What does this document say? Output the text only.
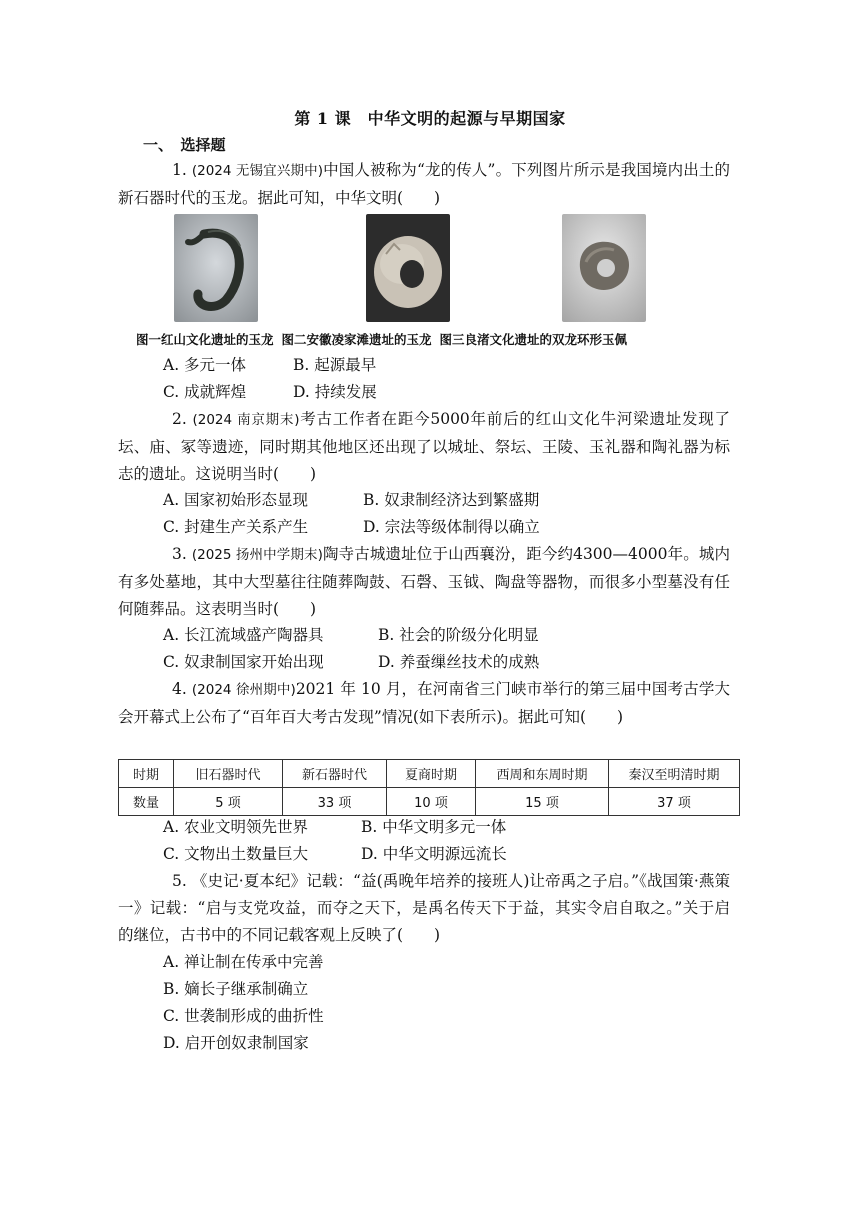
第 1 课　中华文明的起源与早期国家
一、　选择题
1. (2024 无锡宜兴期中)中国人被称为“龙的传人”。下列图片所示是我国境内出土的新石器时代的玉龙。据此可知，中华文明(　　)
图一红山文化遗址的玉龙 图二安徽凌家滩遗址的玉龙 图三良渚文化遗址的双龙环形玉佩
A. 多元一体	B. 起源最早
C. 成就辉煌	D. 持续发展
2. (2024 南京期末)考古工作者在距今5000年前后的红山文化牛河梁遗址发现了坛、庙、冢等遗迹，同时期其他地区还出现了以城址、祭坛、王陵、玉礼器和陶礼器为标志的遗址。这说明当时(　　)
A. 国家初始形态显现	B. 奴隶制经济达到繁盛期
C. 封建生产关系产生	D. 宗法等级体制得以确立
3. (2025 扬州中学期末)陶寺古城遗址位于山西襄汾，距今约4300—4000年。城内有多处墓地，其中大型墓往往随葬陶鼓、石磬、玉钺、陶盘等器物，而很多小型墓没有任何随葬品。这表明当时(　　)
A. 长江流域盛产陶器具	B. 社会的阶级分化明显
C. 奴隶制国家开始出现	D. 养蚕缫丝技术的成熟
4. (2024 徐州期中)2021 年 10 月，在河南省三门峡市举行的第三届中国考古学大会开幕式上公布了“百年百大考古发现”情况(如下表所示)。据此可知(　　)
时期	旧石器时代	新石器时代	夏商时期	西周和东周时期	秦汉至明清时期
数量	5 项	33 项	10 项	15 项	37 项
A. 农业文明领先世界	B. 中华文明多元一体
C. 文物出土数量巨大	D. 中华文明源远流长
5. 《史记·夏本纪》记载：“益(禹晚年培养的接班人)让帝禹之子启。”《战国策·燕策一》记载：“启与支党攻益，而夺之天下，是禹名传天下于益，其实令启自取之。”关于启的继位，古书中的不同记载客观上反映了(　　)
A. 禅让制在传承中完善
B. 嫡长子继承制确立
C. 世袭制形成的曲折性
D. 启开创奴隶制国家
